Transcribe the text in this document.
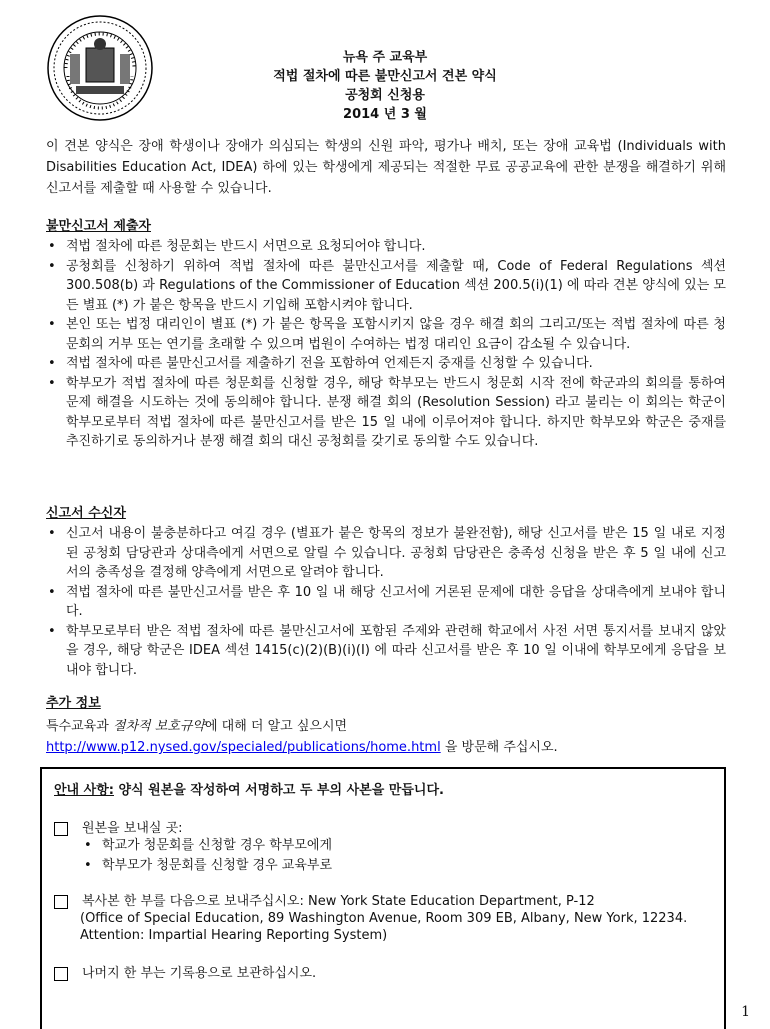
뉴욕 주 교육부
적법 절차에 따른 불만신고서 견본 약식
공청회 신청용
2014 년 3 월
이 견본 양식은 장애 학생이나 장애가 의심되는 학생의 신원 파악, 평가나 배치, 또는 장애 교육법 (Individuals with Disabilities Education Act, IDEA) 하에 있는 학생에게 제공되는 적절한 무료 공공교육에 관한 분쟁을 해결하기 위해 신고서를 제출할 때 사용할 수 있습니다.
불만신고서 제출자
• 적법 절차에 따른 청문회는 반드시 서면으로 요청되어야 합니다.
• 공청회를 신청하기 위하여 적법 절차에 따른 불만신고서를 제출할 때, Code of Federal Regulations 섹션 300.508(b) 과 Regulations of the Commissioner of Education 섹션 200.5(i)(1) 에 따라 견본 양식에 있는 모든 별표 (*) 가 붙은 항목을 반드시 기입해 포함시켜야 합니다.
• 본인 또는 법정 대리인이 별표 (*) 가 붙은 항목을 포함시키지 않을 경우 해결 회의 그리고/또는 적법 절차에 따른 청문회의 거부 또는 연기를 초래할 수 있으며 법원이 수여하는 법정 대리인 요금이 감소될 수 있습니다.
• 적법 절차에 따른 불만신고서를 제출하기 전을 포함하여 언제든지 중재를 신청할 수 있습니다.
• 학부모가 적법 절차에 따른 청문회를 신청할 경우, 해당 학부모는 반드시 청문회 시작 전에 학군과의 회의를 통하여 문제 해결을 시도하는 것에 동의해야 합니다. 분쟁 해결 회의 (Resolution Session) 라고 불리는 이 회의는 학군이 학부모로부터 적법 절차에 따른 불만신고서를 받은 15 일 내에 이루어져야 합니다. 하지만 학부모와 학군은 중재를 추진하기로 동의하거나 분쟁 해결 회의 대신 공청회를 갖기로 동의할 수도 있습니다.
신고서 수신자
• 신고서 내용이 불충분하다고 여길 경우 (별표가 붙은 항목의 정보가 불완전함), 해당 신고서를 받은 15 일 내로 지정된 공청회 담당관과 상대측에게 서면으로 알릴 수 있습니다. 공청회 담당관은 충족성 신청을 받은 후 5 일 내에 신고서의 충족성을 결정해 양측에게 서면으로 알려야 합니다.
• 적법 절차에 따른 불만신고서를 받은 후 10 일 내 해당 신고서에 거론된 문제에 대한 응답을 상대측에게 보내야 합니다.
• 학부모로부터 받은 적법 절차에 따른 불만신고서에 포함된 주제와 관련해 학교에서 사전 서면 통지서를 보내지 않았을 경우, 해당 학군은 IDEA 섹션 1415(c)(2)(B)(i)(I) 에 따라 신고서를 받은 후 10 일 이내에 학부모에게 응답을 보내야 합니다.
추가 정보
특수교육과 절차적 보호규약에 대해 더 알고 싶으시면
http://www.p12.nysed.gov/specialed/publications/home.html 을 방문해 주십시오.
안내 사항: 양식 원본을 작성하여 서명하고 두 부의 사본을 만듭니다.
원본을 보내실 곳:
• 학교가 청문회를 신청할 경우 학부모에게
• 학부모가 청문회를 신청할 경우 교육부로
복사본 한 부를 다음으로 보내주십시오: New York State Education Department, P-12
(Office of Special Education, 89 Washington Avenue, Room 309 EB, Albany, New York, 12234.
Attention: Impartial Hearing Reporting System)
나머지 한 부는 기록용으로 보관하십시오.
1
